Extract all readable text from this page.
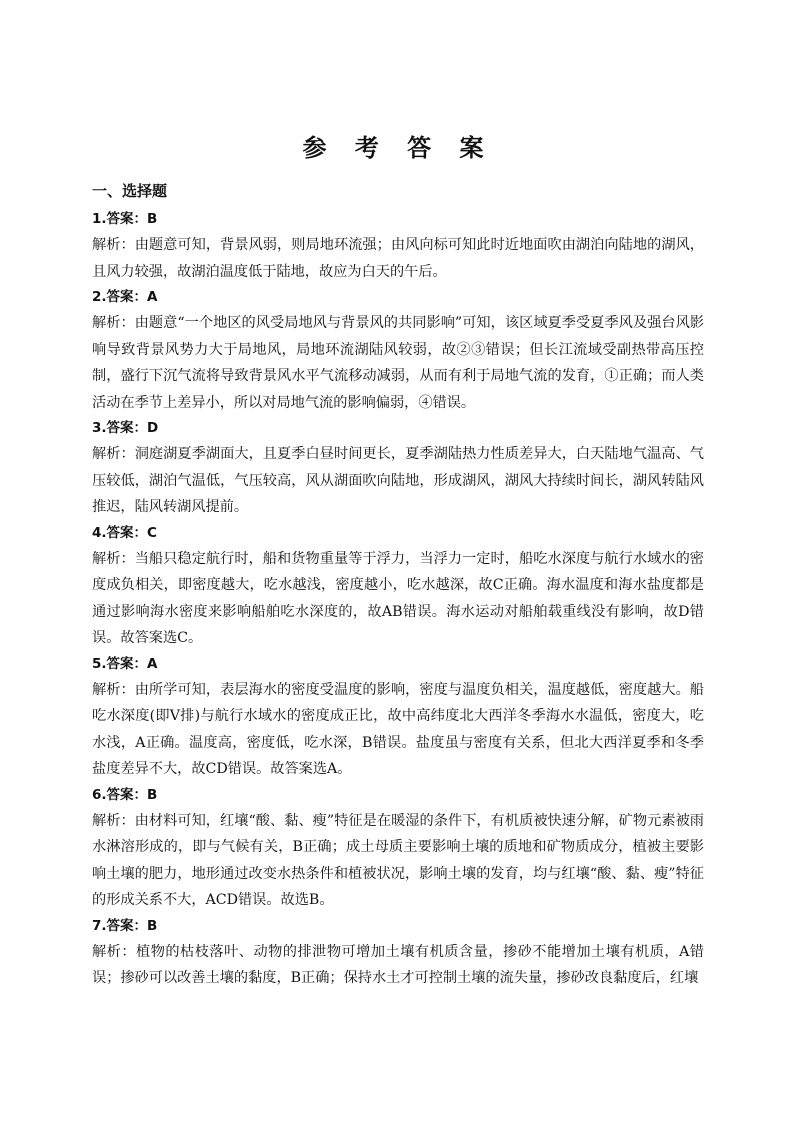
参 考 答 案
一、选择题
1.答案：B
解析：由题意可知，背景风弱，则局地环流强；由风向标可知此时近地面吹由湖泊向陆地的湖风，且风力较强，故湖泊温度低于陆地，故应为白天的午后。
2.答案：A
解析：由题意“一个地区的风受局地风与背景风的共同影响”可知，该区域夏季受夏季风及强台风影响导致背景风势力大于局地风，局地环流湖陆风较弱，故②③错误；但长江流域受副热带高压控制，盛行下沉气流将导致背景风水平气流移动减弱，从而有利于局地气流的发育，①正确；而人类活动在季节上差异小，所以对局地气流的影响偏弱，④错误。
3.答案：D
解析：洞庭湖夏季湖面大，且夏季白昼时间更长，夏季湖陆热力性质差异大，白天陆地气温高、气压较低，湖泊气温低，气压较高，风从湖面吹向陆地，形成湖风，湖风大持续时间长，湖风转陆风推迟，陆风转湖风提前。
4.答案：C
解析：当船只稳定航行时，船和货物重量等于浮力，当浮力一定时，船吃水深度与航行水域水的密度成负相关，即密度越大，吃水越浅，密度越小，吃水越深，故C正确。海水温度和海水盐度都是通过影响海水密度来影响船舶吃水深度的，故AB错误。海水运动对船舶载重线没有影响，故D错误。故答案选C。
5.答案：A
解析：由所学可知，表层海水的密度受温度的影响，密度与温度负相关，温度越低，密度越大。船吃水深度(即V排)与航行水域水的密度成正比，故中高纬度北大西洋冬季海水水温低，密度大，吃水浅，A正确。温度高，密度低，吃水深，B错误。盐度虽与密度有关系，但北大西洋夏季和冬季盐度差异不大，故CD错误。故答案选A。
6.答案：B
解析：由材料可知，红壤“酸、黏、瘦”特征是在暖湿的条件下，有机质被快速分解，矿物元素被雨水淋溶形成的，即与气候有关，B正确；成土母质主要影响土壤的质地和矿物质成分，植被主要影响土壤的肥力，地形通过改变水热条件和植被状况，影响土壤的发育，均与红壤“酸、黏、瘦”特征的形成关系不大，ACD错误。故选B。
7.答案：B
解析：植物的枯枝落叶、动物的排泄物可增加土壤有机质含量，掺砂不能增加土壤有机质，A错误；掺砂可以改善土壤的黏度，B正确；保持水土才可控制土壤的流失量，掺砂改良黏度后，红壤
